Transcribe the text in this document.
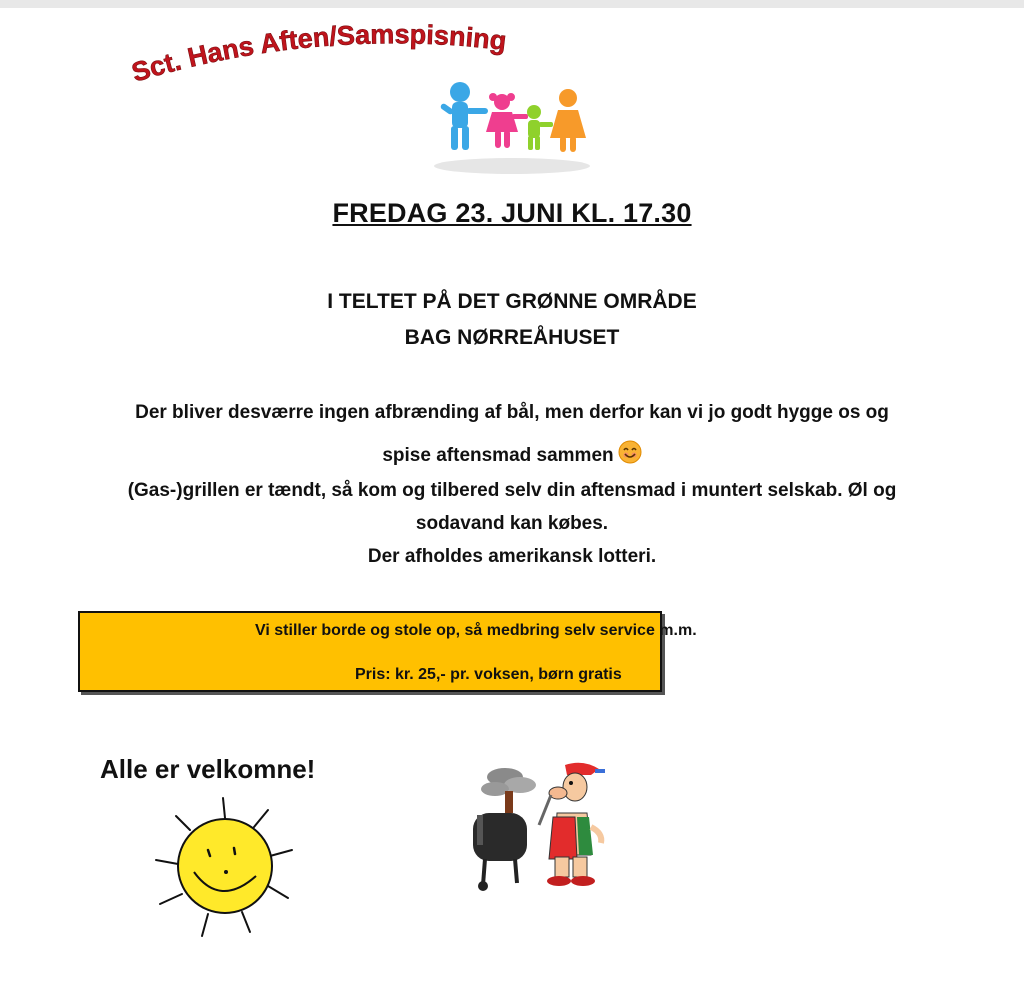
Sct. Hans Aften/Samspisning
FREDAG 23. JUNI KL. 17.30
I TELTET PÅ DET GRØNNE OMRÅDE
BAG NØRREÅHUSET
Der bliver desværre ingen afbrænding af bål, men derfor kan vi jo godt hygge os og
spise aftensmad sammen
(Gas-)grillen er tændt, så kom og tilbered selv din aftensmad i muntert selskab. Øl og
sodavand kan købes.
Der afholdes amerikansk lotteri.
Vi stiller borde og stole op, så medbring selv service m.m.
Pris: kr. 25,- pr. voksen, børn gratis
Alle er velkomne!
